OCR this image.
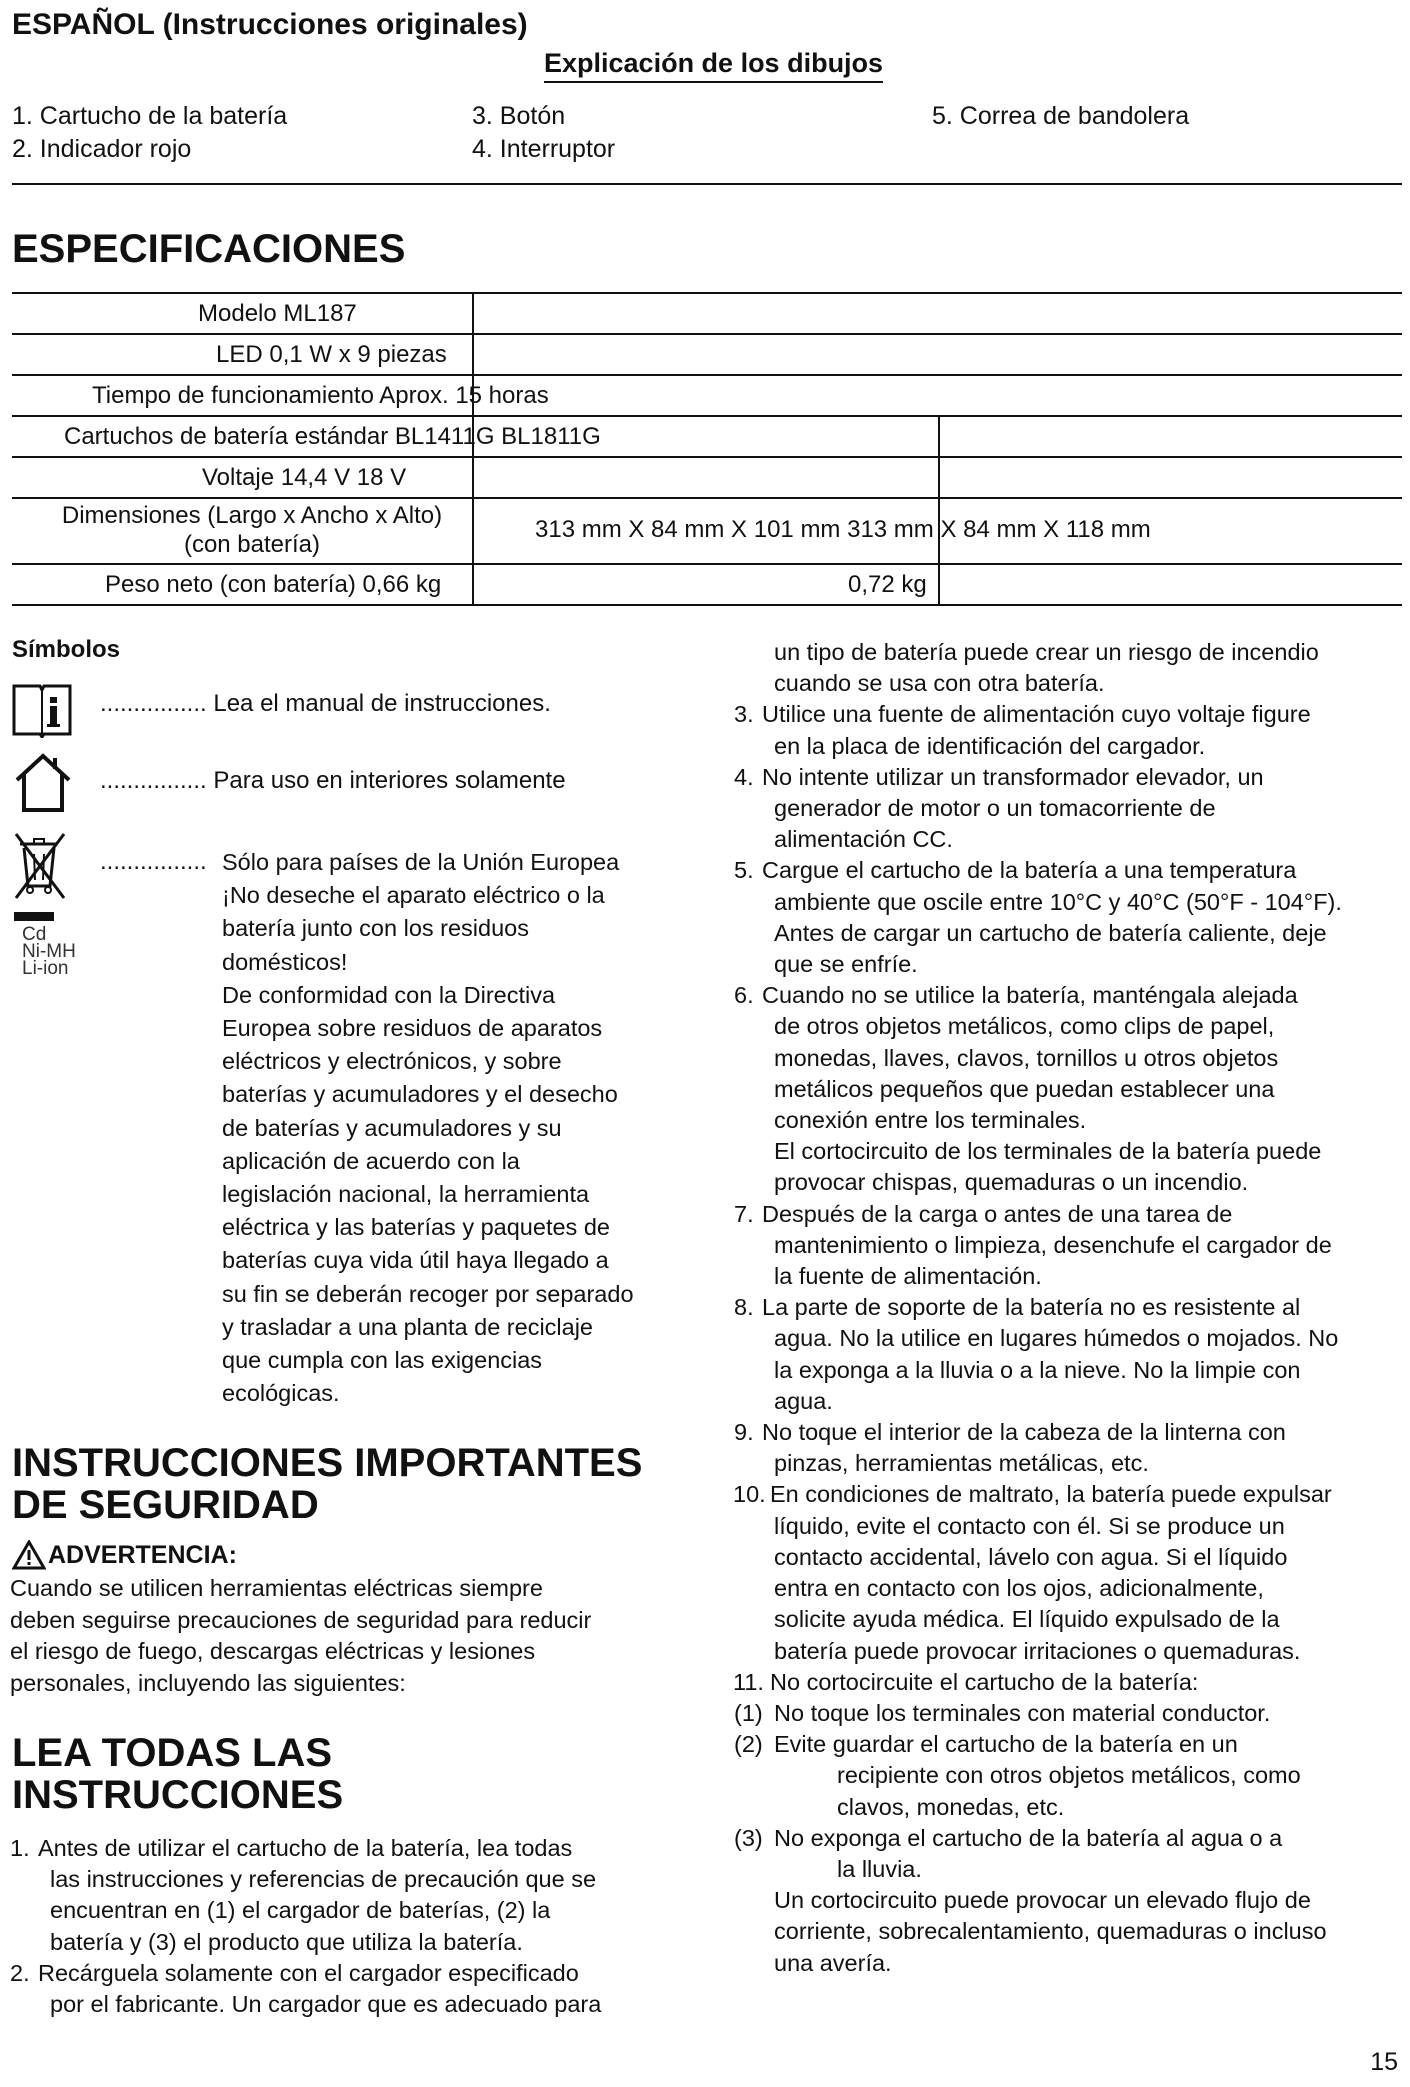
ESPAÑOL (Instrucciones originales)
Explicación de los dibujos
1. Cartucho de la batería
2. Indicador rojo
3. Botón
4. Interruptor
5. Correa de bandolera
ESPECIFICACIONES
Modelo ML187
LED 0,1 W x 9 piezas
Tiempo de funcionamiento Aprox. 15 horas
Cartuchos de batería estándar BL1411G BL1811G
Voltaje 14,4 V 18 V
Dimensiones (Largo x Ancho x Alto)
(con batería)
313 mm X 84 mm X 101 mm 313 mm X 84 mm X 118 mm
Peso neto (con batería) 0,66 kg	0,72 kg
Símbolos
................ Lea el manual de instrucciones.
................ Para uso en interiores solamente
Cd
Ni-MH
Li-ion
................ Sólo para países de la Unión Europea
¡No deseche el aparato eléctrico o la
batería junto con los residuos
domésticos!
De conformidad con la Directiva
Europea sobre residuos de aparatos
eléctricos y electrónicos, y sobre
baterías y acumuladores y el desecho
de baterías y acumuladores y su
aplicación de acuerdo con la
legislación nacional, la herramienta
eléctrica y las baterías y paquetes de
baterías cuya vida útil haya llegado a
su fin se deberán recoger por separado
y trasladar a una planta de reciclaje
que cumpla con las exigencias
ecológicas.
INSTRUCCIONES IMPORTANTES
DE SEGURIDAD
ADVERTENCIA:
Cuando se utilicen herramientas eléctricas siempre
deben seguirse precauciones de seguridad para reducir
el riesgo de fuego, descargas eléctricas y lesiones
personales, incluyendo las siguientes:
LEA TODAS LAS
INSTRUCCIONES
1. Antes de utilizar el cartucho de la batería, lea todas
las instrucciones y referencias de precaución que se
encuentran en (1) el cargador de baterías, (2) la
batería y (3) el producto que utiliza la batería.
2. Recárguela solamente con el cargador especificado
por el fabricante. Un cargador que es adecuado para
un tipo de batería puede crear un riesgo de incendio
cuando se usa con otra batería.
3. Utilice una fuente de alimentación cuyo voltaje figure
en la placa de identificación del cargador.
4. No intente utilizar un transformador elevador, un
generador de motor o un tomacorriente de
alimentación CC.
5. Cargue el cartucho de la batería a una temperatura
ambiente que oscile entre 10°C y 40°C (50°F - 104°F).
Antes de cargar un cartucho de batería caliente, deje
que se enfríe.
6. Cuando no se utilice la batería, manténgala alejada
de otros objetos metálicos, como clips de papel,
monedas, llaves, clavos, tornillos u otros objetos
metálicos pequeños que puedan establecer una
conexión entre los terminales.
El cortocircuito de los terminales de la batería puede
provocar chispas, quemaduras o un incendio.
7. Después de la carga o antes de una tarea de
mantenimiento o limpieza, desenchufe el cargador de
la fuente de alimentación.
8. La parte de soporte de la batería no es resistente al
agua. No la utilice en lugares húmedos o mojados. No
la exponga a la lluvia o a la nieve. No la limpie con
agua.
9. No toque el interior de la cabeza de la linterna con
pinzas, herramientas metálicas, etc.
10. En condiciones de maltrato, la batería puede expulsar
líquido, evite el contacto con él. Si se produce un
contacto accidental, lávelo con agua. Si el líquido
entra en contacto con los ojos, adicionalmente,
solicite ayuda médica. El líquido expulsado de la
batería puede provocar irritaciones o quemaduras.
11. No cortocircuite el cartucho de la batería:
(1) No toque los terminales con material conductor.
(2) Evite guardar el cartucho de la batería en un
recipiente con otros objetos metálicos, como
clavos, monedas, etc.
(3) No exponga el cartucho de la batería al agua o a
la lluvia.
Un cortocircuito puede provocar un elevado flujo de
corriente, sobrecalentamiento, quemaduras o incluso
una avería.
15
